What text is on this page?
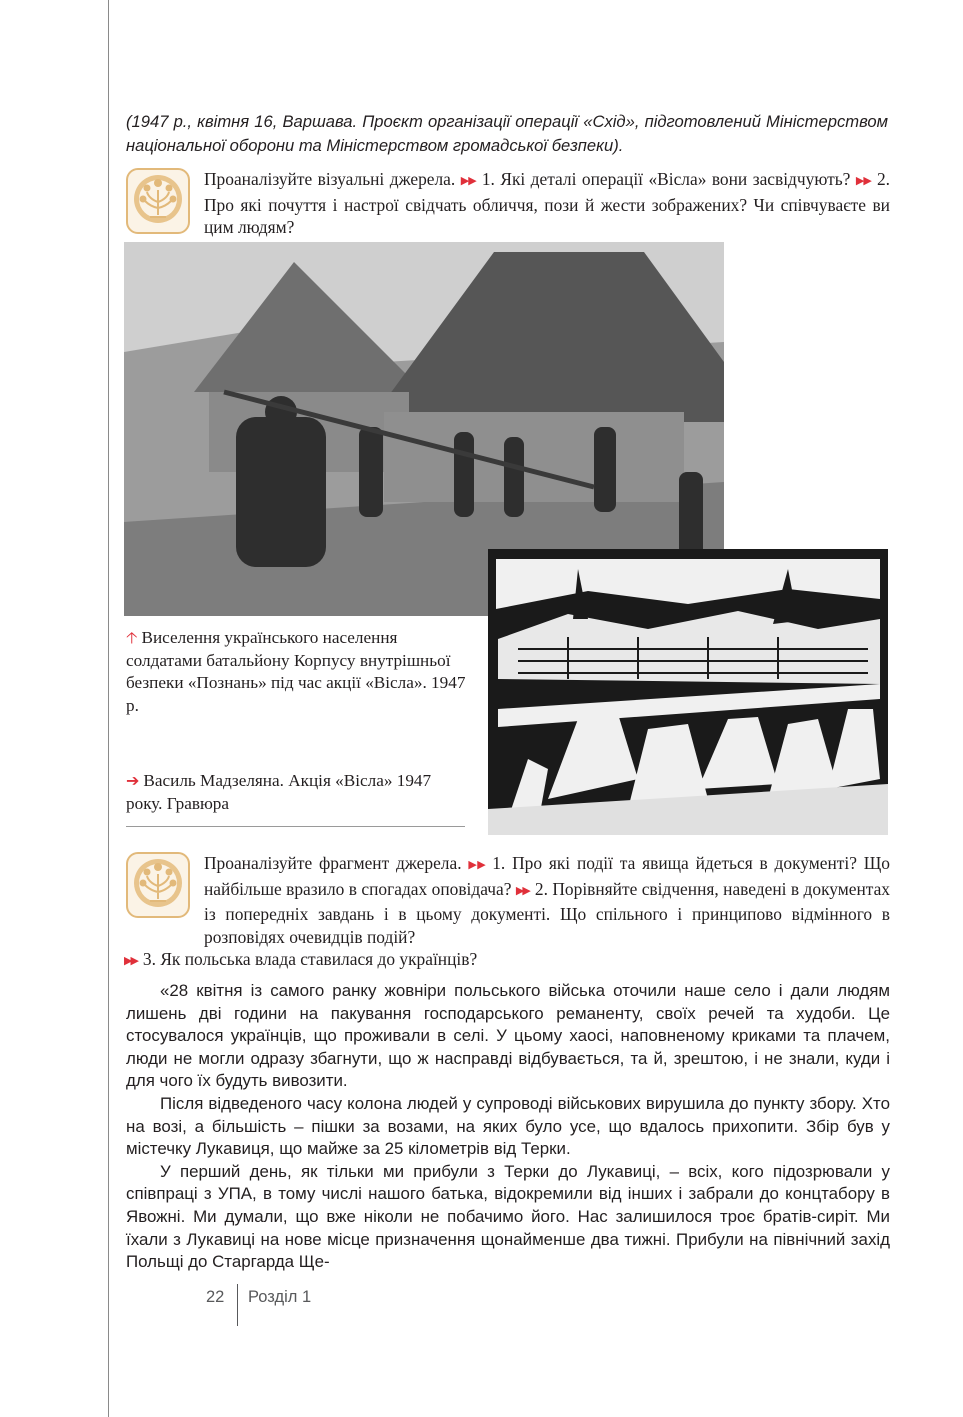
(1947 р., квітня 16, Варшава. Проєкт організації операції «Схід», підготовлений Міністерством національної оборони та Міністерством громадської безпеки).
Проаналізуйте візуальні джерела. ▶▶ 1. Які деталі операції «Вісла» вони засвідчують? ▶▶ 2. Про які почуття і настрої свідчать обличчя, пози й жести зображених? Чи співчуваєте ви цим людям?
🡡 Виселення українського населення солдатами батальйону Корпусу внутрішньої безпеки «Познань» під час акції «Вісла». 1947 р.
➔ Василь Мадзеляна. Акція «Вісла» 1947 року. Гравюра
Проаналізуйте фрагмент джерела. ▶▶ 1. Про які події та явища йдеться в документі? Що найбільше вразило в спогадах оповідача? ▶▶ 2. Порівняйте свідчення, наведені в документах із попередніх завдань і в цьому документі. Що спільного і принципово відмінного в розповідях очевидців подій?
▶▶ 3. Як польська влада ставилася до українців?

«28 квітня із самого ранку жовніри польського війська оточили наше село і дали людям лишень дві години на пакування господарського реманенту, своїх речей та худоби. Це стосувалося українців, що проживали в селі. У цьому хаосі, наповненому криками та плачем, люди не могли одразу збагнути, що ж насправді відбувається, та й, зрештою, і не знали, куди і для чого їх будуть вивозити.

Після відведеного часу колона людей у супроводі військових вирушила до пункту збору. Хто на возі, а більшість – пішки за возами, на яких було усе, що вдалось прихопити. Збір був у містечку Лукавиця, що майже за 25 кілометрів від Терки.

У перший день, як тільки ми прибули з Терки до Лукавиці, – всіх, кого підозрювали у співпраці з УПА, в тому числі нашого батька, відокремили від інших і забрали до концтабору в Явожні. Ми думали, що вже ніколи не побачимо його. Нас залишилося троє братів-сиріт. Ми їхали з Лукавиці на нове місце призначення щонайменше два тижні. Прибули на північний захід Польщі до Старгарда Ще-

22 Розділ 1
